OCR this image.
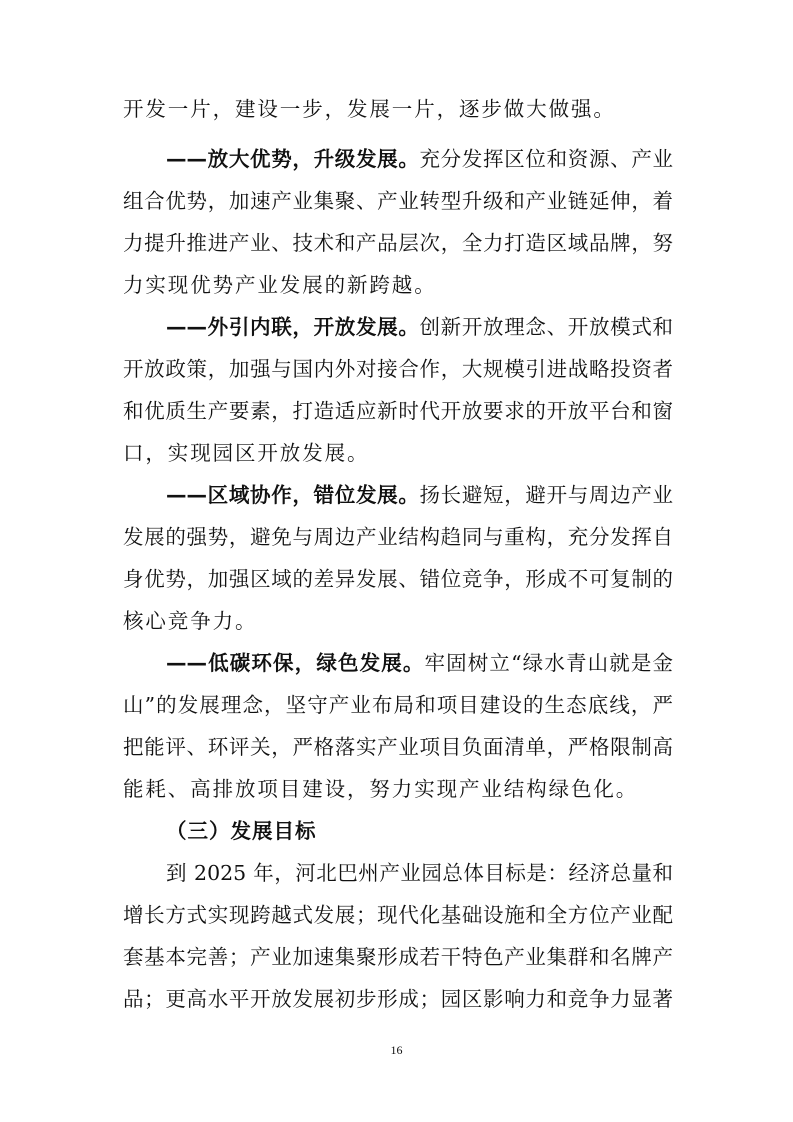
开发一片，建设一步，发展一片，逐步做大做强。
——放大优势，升级发展。充分发挥区位和资源、产业
组合优势，加速产业集聚、产业转型升级和产业链延伸，着
力提升推进产业、技术和产品层次，全力打造区域品牌，努
力实现优势产业发展的新跨越。
——外引内联，开放发展。创新开放理念、开放模式和
开放政策，加强与国内外对接合作，大规模引进战略投资者
和优质生产要素，打造适应新时代开放要求的开放平台和窗
口，实现园区开放发展。
——区域协作，错位发展。扬长避短，避开与周边产业
发展的强势，避免与周边产业结构趋同与重构，充分发挥自
身优势，加强区域的差异发展、错位竞争，形成不可复制的
核心竞争力。
——低碳环保，绿色发展。牢固树立“绿水青山就是金
山”的发展理念，坚守产业布局和项目建设的生态底线，严
把能评、环评关，严格落实产业项目负面清单，严格限制高
能耗、高排放项目建设，努力实现产业结构绿色化。
（三）发展目标
到 2025 年，河北巴州产业园总体目标是：经济总量和
增长方式实现跨越式发展；现代化基础设施和全方位产业配
套基本完善；产业加速集聚形成若干特色产业集群和名牌产
品；更高水平开放发展初步形成；园区影响力和竞争力显著
16
